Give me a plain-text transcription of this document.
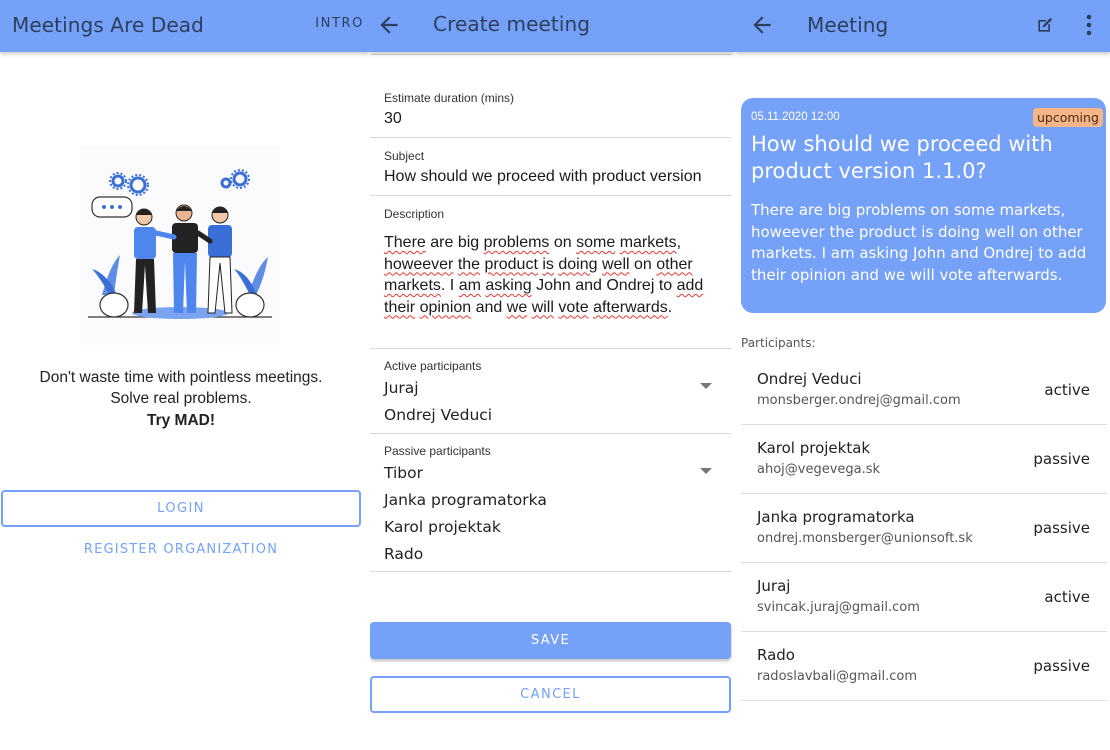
Meetings Are Dead	INTRO
Don't waste time with pointless meetings.
Solve real problems.
Try MAD!
LOGIN
REGISTER ORGANIZATION
Create meeting
Estimate duration (mins)
30
Subject
How should we proceed with product version
Description
There are big problems on some markets, howeever the product is doing well on other markets. I am asking John and Ondrej to add their opinion and we will vote afterwards.
Active participants
Juraj
Ondrej Veduci
Passive participants
Tibor
Janka programatorka
Karol projektak
Rado
SAVE
CANCEL
Meeting
05.11.2020 12:00	upcoming
How should we proceed with product version 1.1.0?
There are big problems on some markets, howeever the product is doing well on other markets. I am asking John and Ondrej to add their opinion and we will vote afterwards.
Participants:
Ondrej Veduci
monsberger.ondrej@gmail.com
active
Karol projektak
ahoj@vegevega.sk
passive
Janka programatorka
ondrej.monsberger@unionsoft.sk
passive
Juraj
svincak.juraj@gmail.com
active
Rado
radoslavbali@gmail.com
passive
